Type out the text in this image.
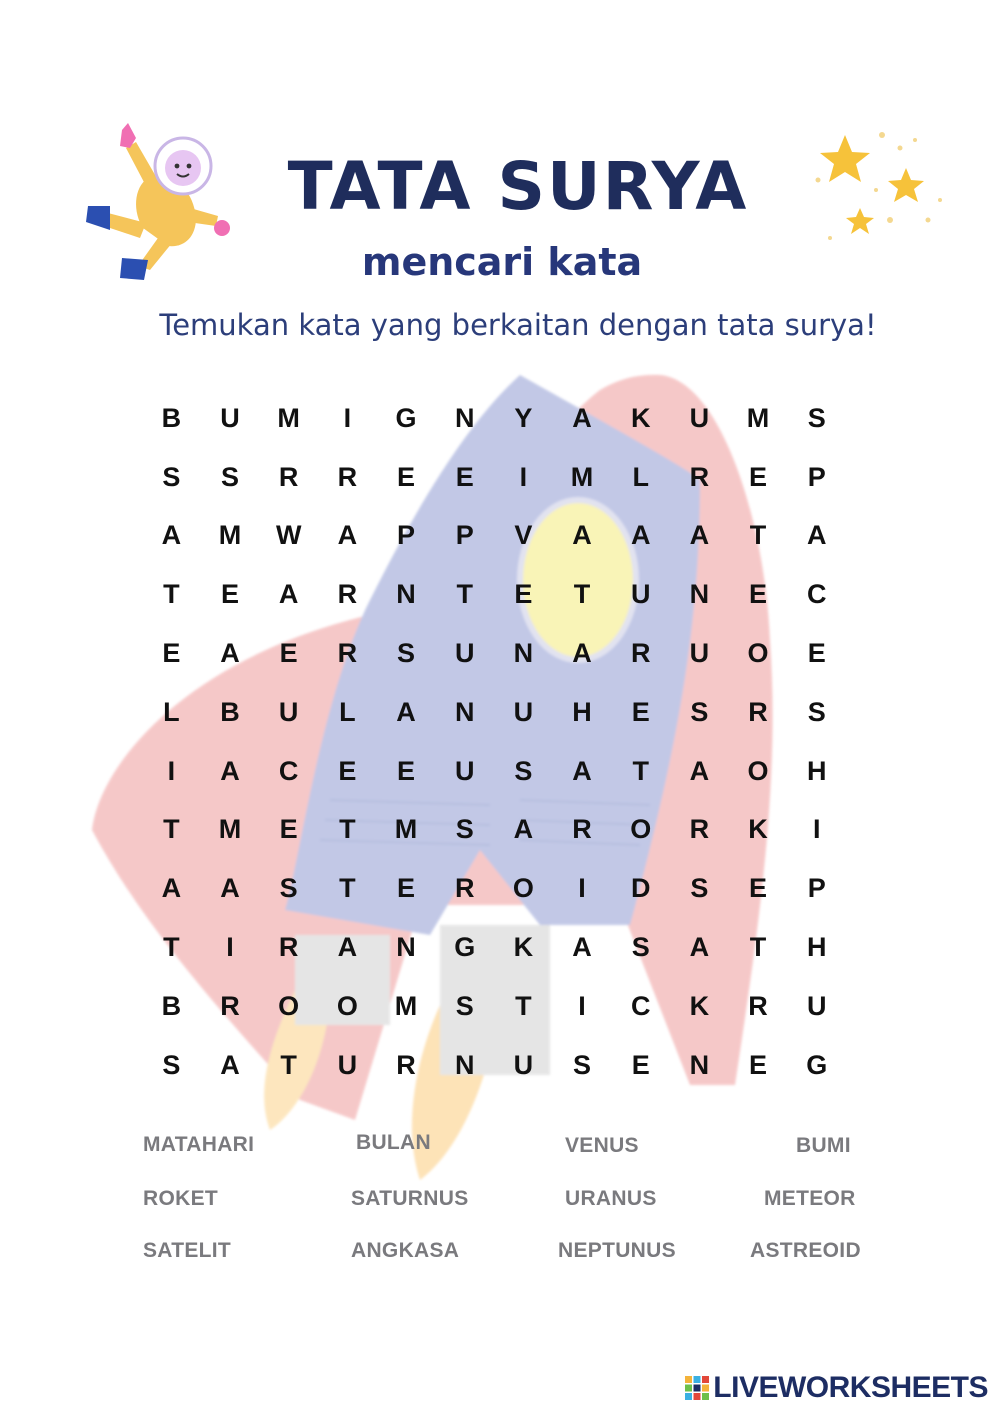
TATA SURYA
mencari kata
Temukan kata yang berkaitan dengan tata surya!
B	U	M	I	G	N	Y	A	K	U	M	S
S	S	R	R	E	E	I	M	L	R	E	P
A	M	W	A	P	P	V	A	A	A	T	A
T	E	A	R	N	T	E	T	U	N	E	C
E	A	E	R	S	U	N	A	R	U	O	E
L	B	U	L	A	N	U	H	E	S	R	S
I	A	C	E	E	U	S	A	T	A	O	H
T	M	E	T	M	S	A	R	O	R	K	I
A	A	S	T	E	R	O	I	D	S	E	P
T	I	R	A	N	G	K	A	S	A	T	H
B	R	O	O	M	S	T	I	C	K	R	U
S	A	T	U	R	N	U	S	E	N	E	G
MATAHARI	BULAN	VENUS	BUMI
ROKET	SATURNUS	URANUS	METEOR
SATELIT	ANGKASA	NEPTUNUS	ASTREOID
LIVEWORKSHEETS
